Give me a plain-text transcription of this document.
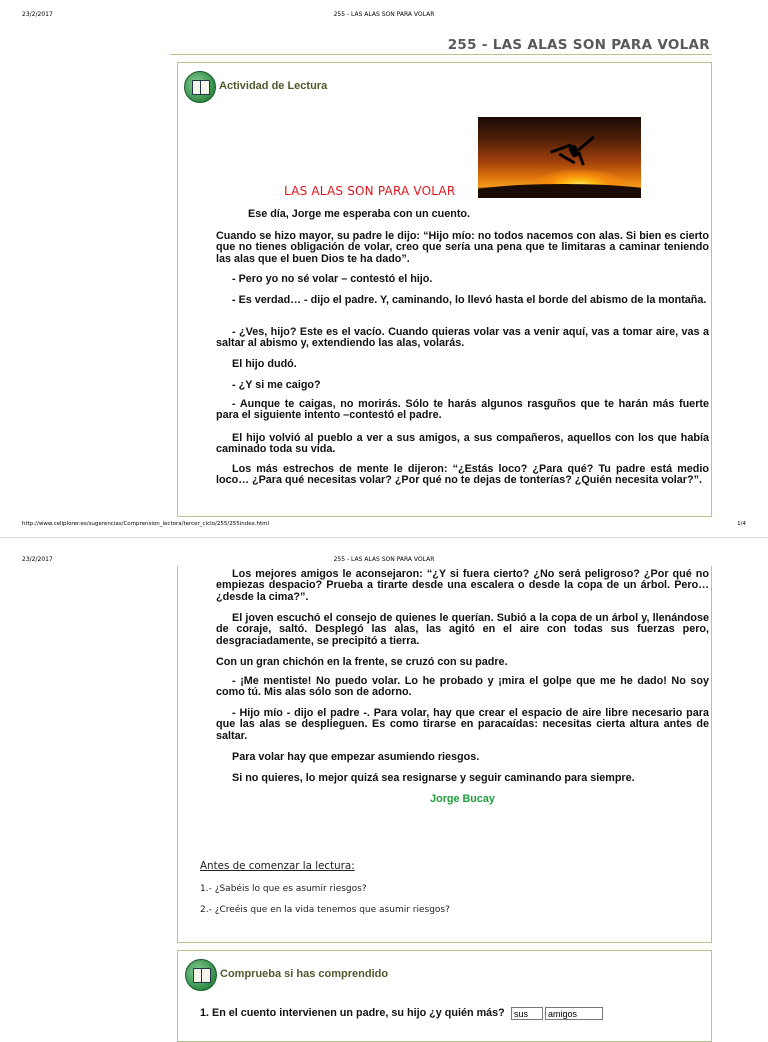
23/2/2017	255 - LAS ALAS SON PARA VOLAR
255 - LAS ALAS SON PARA VOLAR
Actividad de Lectura
LAS ALAS SON PARA VOLAR
Ese día, Jorge me esperaba con un cuento.
Cuando se hizo mayor, su padre le dijo: “Hijo mío: no todos nacemos con alas. Si bien es cierto que no tienes obligación de volar, creo que sería una pena que te limitaras a caminar teniendo las alas que el buen Dios te ha dado”.
- Pero yo no sé volar – contestó el hijo.
- Es verdad… - dijo el padre. Y, caminando, lo llevó hasta el borde del abismo de la montaña.
- ¿Ves, hijo? Este es el vacío. Cuando quieras volar vas a venir aquí, vas a tomar aire, vas a saltar al abismo y, extendiendo las alas, volarás.
El hijo dudó.
- ¿Y si me caigo?
- Aunque te caigas, no morirás. Sólo te harás algunos rasguños que te harán más fuerte para el siguiente intento –contestó el padre.
El hijo volvió al pueblo a ver a sus amigos, a sus compañeros, aquellos con los que había caminado toda su vida.
Los más estrechos de mente le dijeron: “¿Estás loco? ¿Para qué? Tu padre está medio loco… ¿Para qué necesitas volar? ¿Por qué no te dejas de tonterías? ¿Quién necesita volar?”.
http://www.celiplorer.es/sugerencias/Comprension_lectora/tercer_ciclo/255/255index.html	1/4
23/2/2017	255 - LAS ALAS SON PARA VOLAR
Los mejores amigos le aconsejaron: “¿Y si fuera cierto? ¿No será peligroso? ¿Por qué no empiezas despacio? Prueba a tirarte desde una escalera o desde la copa de un árbol. Pero… ¿desde la cima?”.
El joven escuchó el consejo de quienes le querían. Subió a la copa de un árbol y, llenándose de coraje, saltó. Desplegó las alas, las agitó en el aire con todas sus fuerzas pero, desgraciadamente, se precipitó a tierra.
Con un gran chichón en la frente, se cruzó con su padre.
- ¡Me mentiste! No puedo volar. Lo he probado y ¡mira el golpe que me he dado! No soy como tú. Mis alas sólo son de adorno.
- Hijo mío - dijo el padre -. Para volar, hay que crear el espacio de aire libre necesario para que las alas se desplieguen. Es como tirarse en paracaídas: necesitas cierta altura antes de saltar.
Para volar hay que empezar asumiendo riesgos.
Si no quieres, lo mejor quizá sea resignarse y seguir caminando para siempre.
Jorge Bucay
Antes de comenzar la lectura:
1.- ¿Sabéis lo que es asumir riesgos?
2.- ¿Creéis que en la vida tenemos que asumir riesgos?
Comprueba si has comprendido
1. En el cuento intervienen un padre, su hijo ¿y quién más?	sus	amigos
